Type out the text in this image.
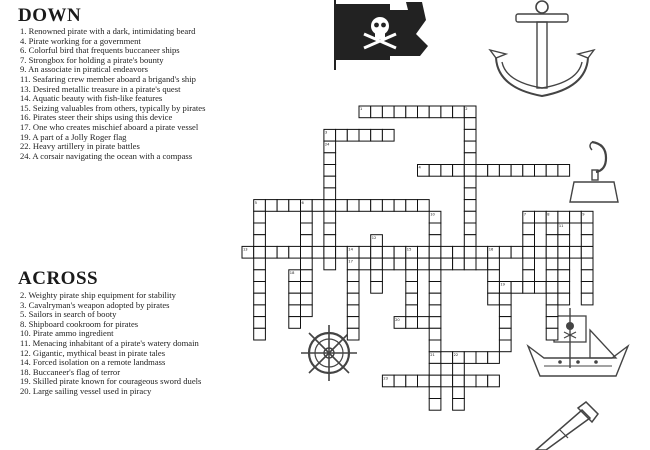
DOWN
1. Renowned pirate with a dark, intimidating beard
4. Pirate working for a government
6. Colorful bird that frequents buccaneer ships
7. Strongbox for holding a pirate's bounty
9. An associate in piratical endeavors
11. Seafaring crew member aboard a brigand's ship
13. Desired metallic treasure in a pirate's quest
14. Aquatic beauty with fish-like features
15. Seizing valuables from others, typically by pirates
16. Pirates steer their ships using this device
17. One who creates mischief aboard a pirate vessel
19. A part of a Jolly Roger flag
22. Heavy artillery in pirate battles
24. A corsair navigating the ocean with a compass
ACROSS
2. Weighty pirate ship equipment for stability
3. Cavalryman's weapon adopted by pirates
5. Sailors in search of booty
8. Shipboard cookroom for pirates
10. Pirate ammo ingredient
11. Menacing inhabitant of a pirate's watery domain
12. Gigantic, mythical beast in pirate tales
14. Forced isolation on a remote landmass
18. Buccaneer's flag of terror
19. Skilled pirate known for courageous sword duels
20. Large sailing vessel used in piracy
1	2
3
4
5	6
7	8	9
10
11
12
13	14	15	16
17
18
19
20
21	22
23
24
